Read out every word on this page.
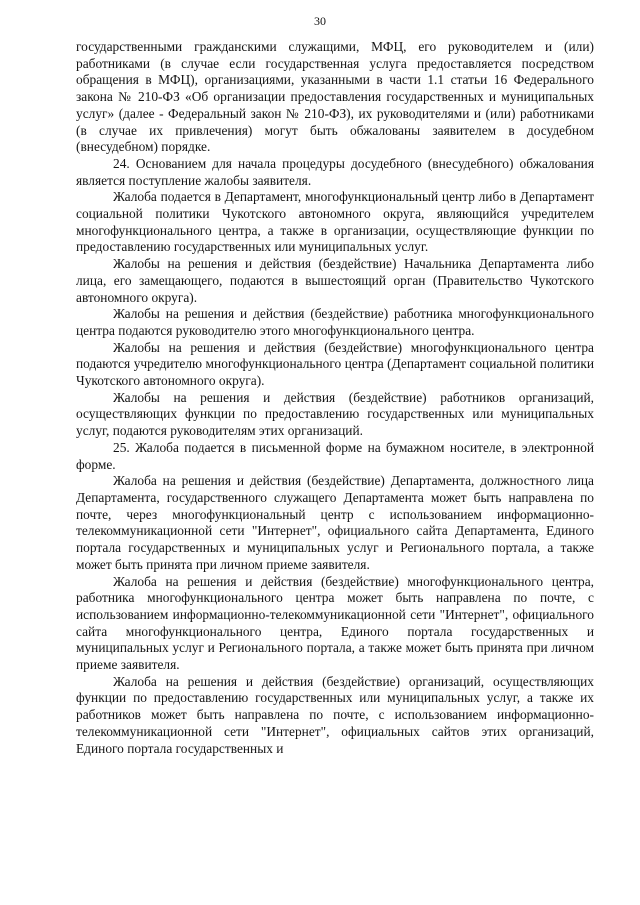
30

государственными гражданскими служащими, МФЦ, его руководителем и (или) работниками (в случае если государственная услуга предоставляется посредством обращения в МФЦ), организациями, указанными в части 1.1 статьи 16 Федерального закона № 210-ФЗ «Об организации предоставления государственных и муниципальных услуг» (далее - Федеральный закон № 210-ФЗ), их руководителями и (или) работниками (в случае их привлечения) могут быть обжалованы заявителем в досудебном (внесудебном) порядке.

24. Основанием для начала процедуры досудебного (внесудебного) обжалования является поступление жалобы заявителя.

Жалоба подается в Департамент, многофункциональный центр либо в Департамент социальной политики Чукотского автономного округа, являющийся учредителем многофункционального центра, а также в организации, осуществляющие функции по предоставлению государственных или муниципальных услуг.

Жалобы на решения и действия (бездействие) Начальника Департамента либо лица, его замещающего, подаются в вышестоящий орган (Правительство Чукотского автономного округа).

Жалобы на решения и действия (бездействие) работника многофункционального центра подаются руководителю этого многофункционального центра.

Жалобы на решения и действия (бездействие) многофункционального центра подаются учредителю многофункционального центра (Департамент социальной политики Чукотского автономного округа).

Жалобы на решения и действия (бездействие) работников организаций, осуществляющих функции по предоставлению государственных или муниципальных услуг, подаются руководителям этих организаций.

25. Жалоба подается в письменной форме на бумажном носителе, в электронной форме.

Жалоба на решения и действия (бездействие) Департамента, должностного лица Департамента, государственного служащего Департамента может быть направлена по почте, через многофункциональный центр с использованием информационно-телекоммуникационной сети "Интернет", официального сайта Департамента, Единого портала государственных и муниципальных услуг и Регионального портала, а также может быть принята при личном приеме заявителя.

Жалоба на решения и действия (бездействие) многофункционального центра, работника многофункционального центра может быть направлена по почте, с использованием информационно-телекоммуникационной сети "Интернет", официального сайта многофункционального центра, Единого портала государственных и муниципальных услуг и Регионального портала, а также может быть принята при личном приеме заявителя.

Жалоба на решения и действия (бездействие) организаций, осуществляющих функции по предоставлению государственных или муниципальных услуг, а также их работников может быть направлена по почте, с использованием информационно-телекоммуникационной сети "Интернет", официальных сайтов этих организаций, Единого портала государственных и
